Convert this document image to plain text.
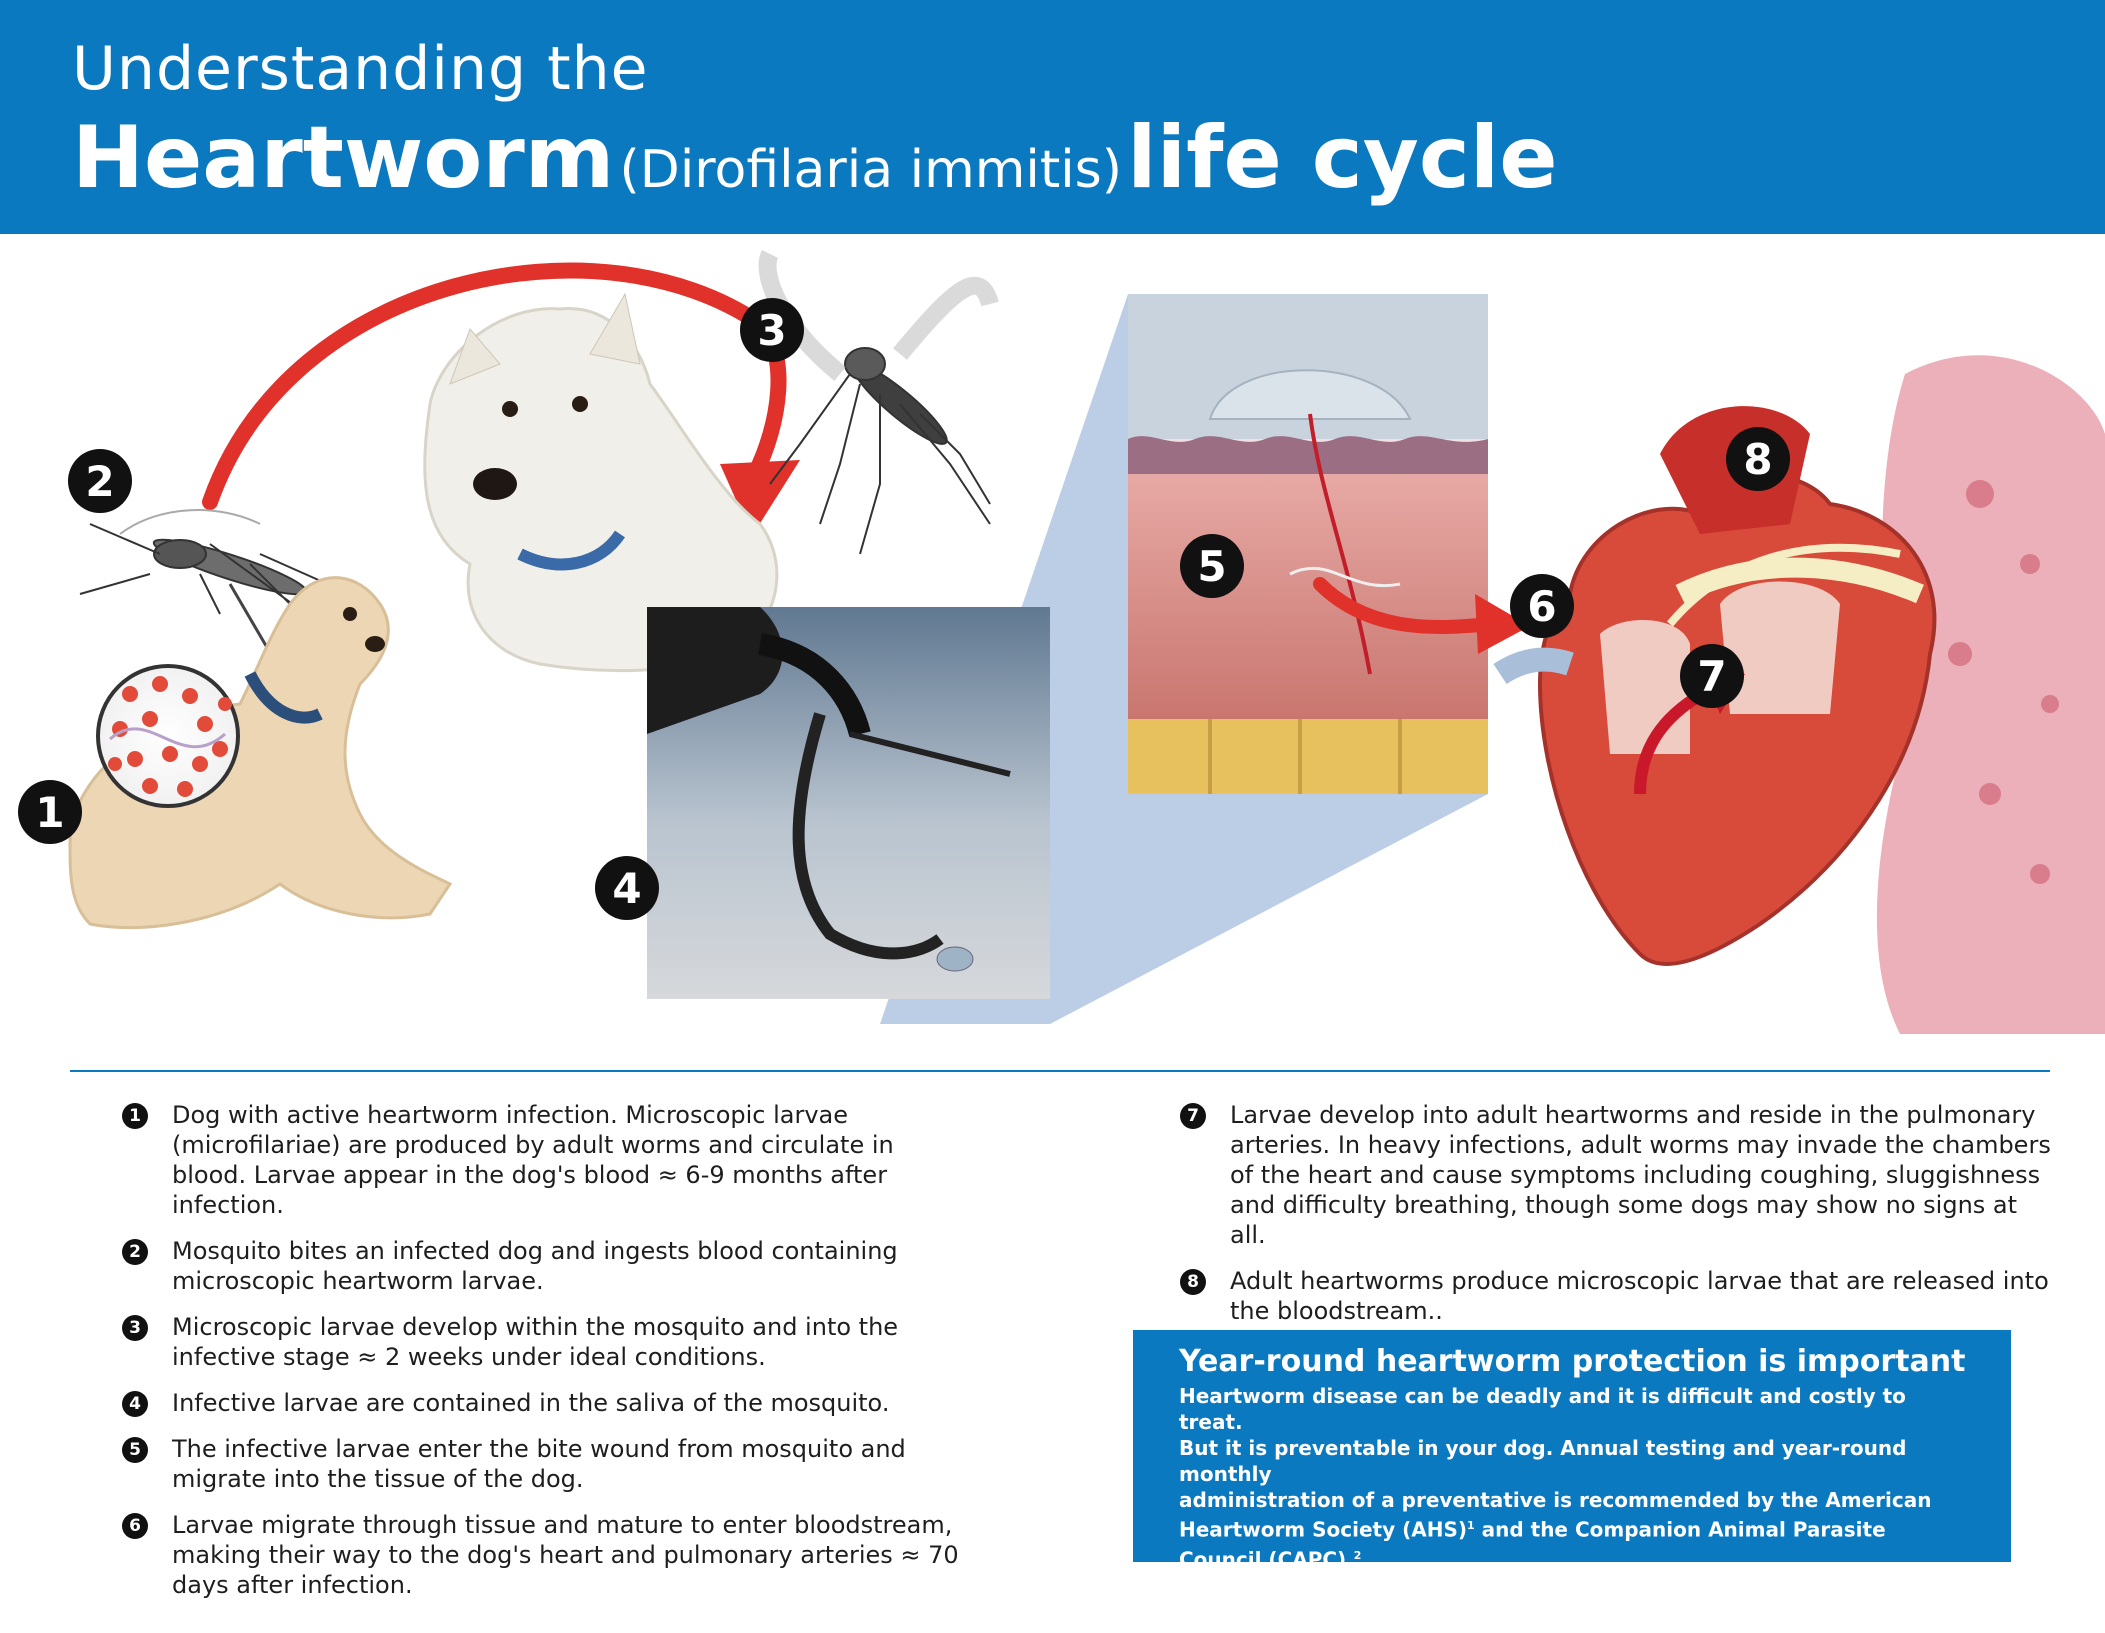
Understanding the
Heartworm (Dirofilaria immitis) life cycle
1
2
3
4
5
6
7
8
1 Dog with active heartworm infection. Microscopic larvae (microfilariae) are produced by adult worms and circulate in blood. Larvae appear in the dog's blood ≈ 6-9 months after infection.
2 Mosquito bites an infected dog and ingests blood containing microscopic heartworm larvae.
3 Microscopic larvae develop within the mosquito and into the infective stage ≈ 2 weeks under ideal conditions.
4 Infective larvae are contained in the saliva of the mosquito.
5 The infective larvae enter the bite wound from mosquito and migrate into the tissue of the dog.
6 Larvae migrate through tissue and mature to enter bloodstream, making their way to the dog's heart and pulmonary arteries ≈ 70 days after infection.
7 Larvae develop into adult heartworms and reside in the pulmonary arteries. In heavy infections, adult worms may invade the chambers of the heart and cause symptoms including coughing, sluggishness and difficulty breathing, though some dogs may show no signs at all.
8 Adult heartworms produce microscopic larvae that are released into the bloodstream..
Year-round heartworm protection is important
Heartworm disease can be deadly and it is difficult and costly to treat.
But it is preventable in your dog. Annual testing and year-round monthly
administration of a preventative is recommended by the American
Heartworm Society (AHS)$^1$ and the Companion Animal Parasite Council (CAPC).$^2$
$^1$www.heartwormsociety.org
$^2$www.petsandparasites.org
